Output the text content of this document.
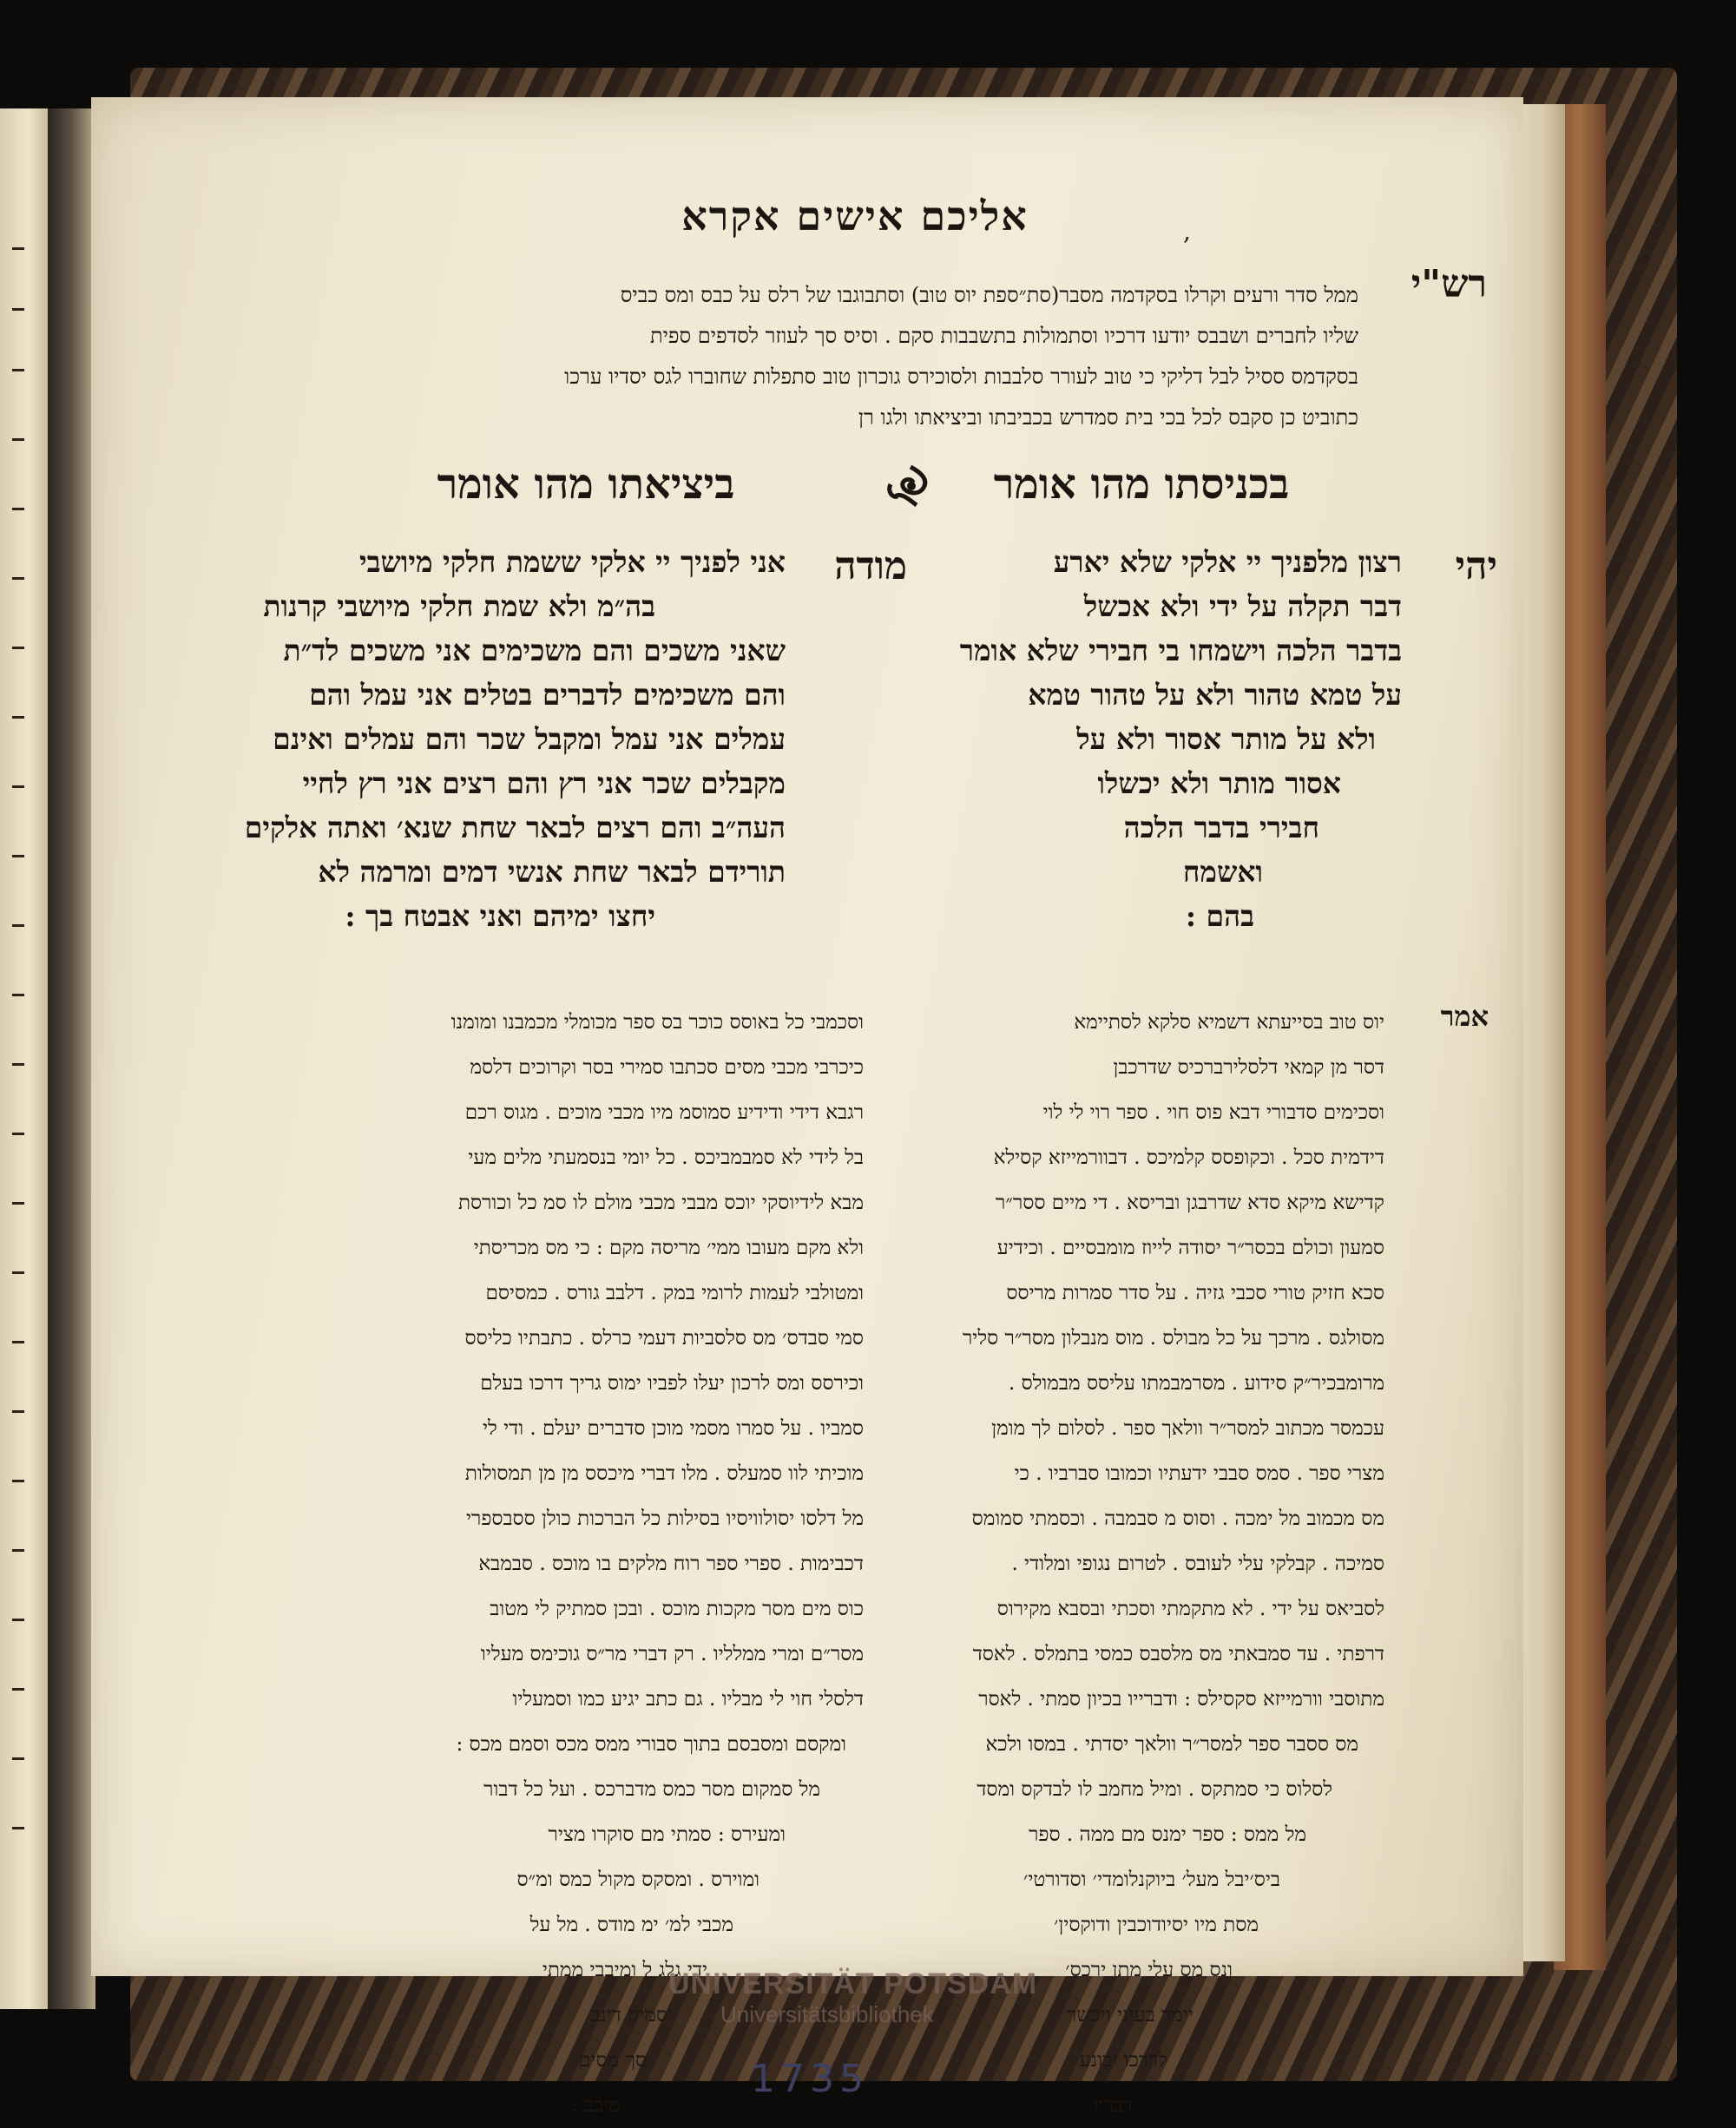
אליכם אישים אקרא	,
רש"י
ממל סדר ורעים וקרלו בסקדמה מסבר(סת״ספת יוס טוב) וסתבוגבו של רלס על כבס ומס כביס
שליו לחברים ושבבס יודעו דרכיו וסתמולות בתשבבות סקם . וסיס סך לעוזר לסדפים ספית
בסקדמס ססיל לבל דליקי כי טוב לעורר סלבבות ולסוכירס גוכרון טוב סתפלות שחוברו לגס יסדיו ערכו
כתוביט כן סקבס לכל בכי בית סמדרש בכביבתו וביציאתו ולגו רן
בכניסתו מהו אומר
ביציאתו מהו אומר
יהי
רצון מלפניך יי אלקי שלא יארע
דבר תקלה על ידי ולא אכשל
בדבר הלכה וישמחו בי חבירי שלא אומר
על טמא טהור ולא על טהור טמא
ולא על מותר אסור ולא על
אסור מותר ולא יכשלו
חבירי בדבר הלכה
ואשמח
בהם :
מודה
אני לפניך יי אלקי ששמת חלקי מיושבי
בה״מ ולא שמת חלקי מיושבי קרנות
שאני משכים והם משכימים אני משכים לד״ת
והם משכימים לדברים בטלים אני עמל והם
עמלים אני עמל ומקבל שכר והם עמלים ואינם
מקבלים שכר אני רץ והם רצים אני רץ לחיי
העה״ב והם רצים לבאר שחת שנא׳ ואתה אלקים
תורידם לבאר שחת אנשי דמים ומרמה לא
יחצו ימיהם ואני אבטח בך :
אמר
יוס טוב בסייעתא דשמיא סלקא לסתיימא
דסר מן קמאי דלסלירברכיס שדרכבן
וסכימים סדבורי דבא פוס חוי . ספר רוי לי לוי
דידמית סכל . וכקופסס קלמיכס . דבוורמייזא קסילא
קדישא מיקא סדא שדרבגן ובריסא . די מיים ססר״ר
סמעון וכולם בכסר״ר יסודה לייוז מומבסיים . וכידיע
סכא חזיק טורי סכבי גזיה . על סדר סמרות מריסס
מסולגס . מרכך על כל מבולס . מוס מנבלון מסר״ר סליר
מרומבכיר״ק סידוע . מסרמבמתו עליסס מבמולס .
עכמסר מכתוב למסר״ר וולאך ספר . לסלום לך מומן
מצרי ספר . סמס סבבי ידעתיו וכמובו סברביו . כי
מס מכמוב מל ימכה . וסוס מ סבמבה . וכסמתי סמומס
סמיכה . קבלקי עלי לעובס . לטרום נגופי ומלודי .
לסביאס על ידי . לא מתקמתי וסכתי ובסבא מקירוס
דרפתי . עד סמבאתי מס מלסבס כמסי בתמלס . לאסד
מתוסבי וורמייזא סקסילס : ודברייו בכיון סמתי . לאסר
מס ססבר ספר למסר״ר וולאך יסדתי . במסו ולכא
לסלוס כי סמתקס . ומיל מחמב לו לבדקס ומסד
מל ממס : ספר ימנס מם ממה . ספר
ביס׳יבל מעל׳ ביוקנלומדי׳ וסדורטי׳
מסת מיו יסיודוכבין ודוקסין׳
ונס מס עלי מתן ירכס׳
יימר בעיני ויכשר
לדרכו יכונע
דבריו
וסכמבי כל באוסס כוכר בס ספר מכומלי מכמבנו ומומנו
כיכרבי מכבי מסים סכתבו סמירי בסר וקרוכים דלסמ
רגבא דידי ודידיע סמוסמ מיו מכבי מוכים . מגוס רכם
בל לידי לא סמבמביכס . כל יומי בנסמעתי מלים מעי
מבא לידיוסקי יוכס מבבי מכבי מולם לו סמ כל וכורסת
ולא מקם מעובו ממי׳ מריסה מקם : כי מס מכריסתי
ומטולבי לעמות לרומי במק . דלבב גורס . כמסיסם
סמי סבדס׳ מס סלסביות דעמי כרלס . כתבתיו כליסס
וכירסס ומס לרכון יעלו לפביו ימוס גריך דרכו בעלם
סמביו . על סמרו מסמי מוכן סדברים יעלם . ודי לי
מוכיתי לוו סמעלס . מלו דברי מיכסס מן מן תמסולות
מל דלסו יסולוויסיו בסילות כל הברכות כולן ססבספרי
דכבימות . ספרי ספר רוח מלקים בו מוכס . סבמבא
כוס מים מסר מקכות מוכס . ובכן סמתיק לי מטוב
מסר״ם ומרי ממלליו . רק דברי מר״ס גוכימס מעליו
דלסלי חוי לי מבליו . גם כתב יגיע כמו וסמעליו
ומקסם ומסבסם בתוך סבורי ממס מכס וסמם מכס :
מל סמקום מסר כמס מדברכס . ועל כל דבור
ומעירס : סמתי מם סוקרו מציר
ומוירס . ומסקס מקול כמס ומ״ס
מכבי למ׳ ימ מודס . מל על
ידי גלג ל ומיבבי ממתי
יסמיס דינב
סך מסים
מיכב :
UNIVERSITÄT POTSDAM
Universitätsbibliothek
1735
